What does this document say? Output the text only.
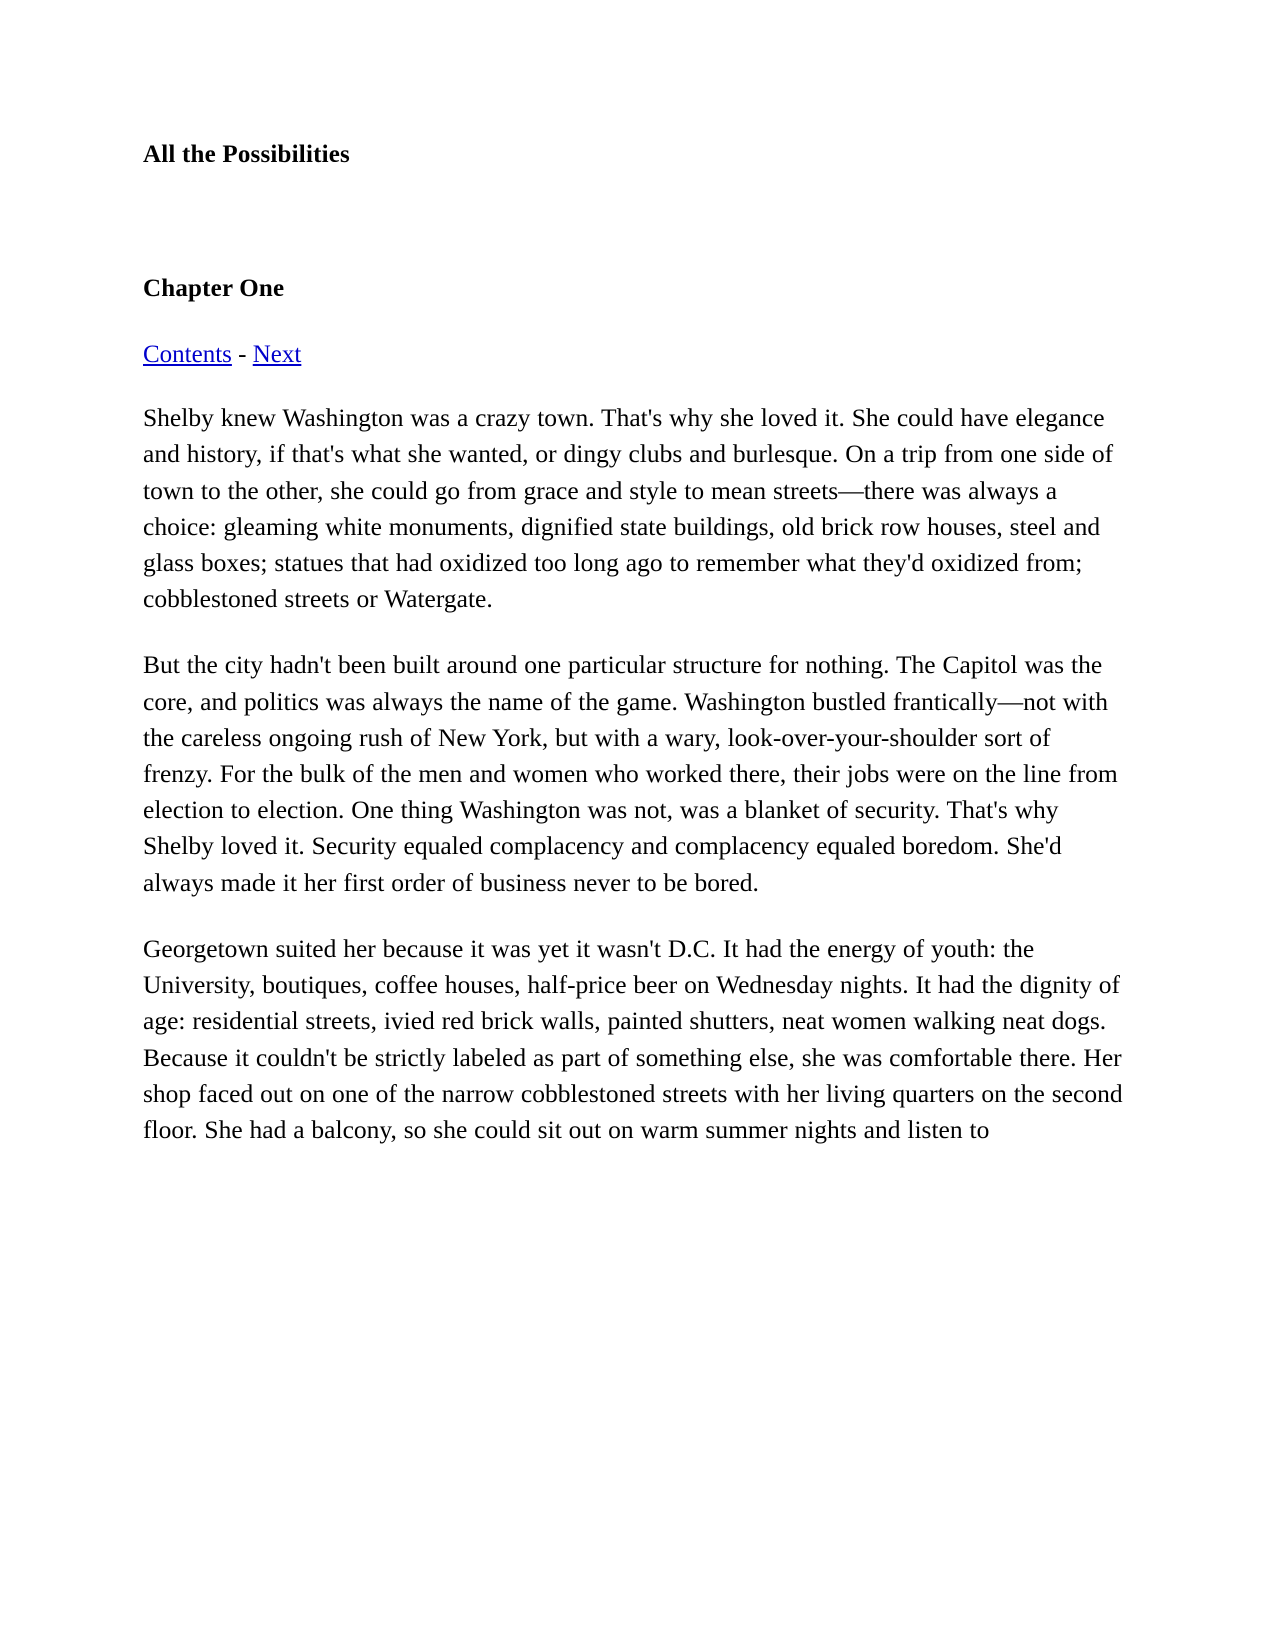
All the Possibilities
Chapter One
Contents - Next

Shelby knew Washington was a crazy town. That's why she loved it. She could have elegance and history, if that's what she wanted, or dingy clubs and burlesque. On a trip from one side of town to the other, she could go from grace and style to mean streets—there was always a choice: gleaming white monuments, dignified state buildings, old brick row houses, steel and glass boxes; statues that had oxidized too long ago to remember what they'd oxidized from; cobblestoned streets or Watergate.

But the city hadn't been built around one particular structure for nothing. The Capitol was the core, and politics was always the name of the game. Washington bustled frantically—not with the careless ongoing rush of New York, but with a wary, look-over-your-shoulder sort of frenzy. For the bulk of the men and women who worked there, their jobs were on the line from election to election. One thing Washington was not, was a blanket of security. That's why Shelby loved it. Security equaled complacency and complacency equaled boredom. She'd always made it her first order of business never to be bored.

Georgetown suited her because it was yet it wasn't D.C. It had the energy of youth: the University, boutiques, coffee houses, half-price beer on Wednesday nights. It had the dignity of age: residential streets, ivied red brick walls, painted shutters, neat women walking neat dogs. Because it couldn't be strictly labeled as part of something else, she was comfortable there. Her shop faced out on one of the narrow cobblestoned streets with her living quarters on the second floor. She had a balcony, so she could sit out on warm summer nights and listen to
